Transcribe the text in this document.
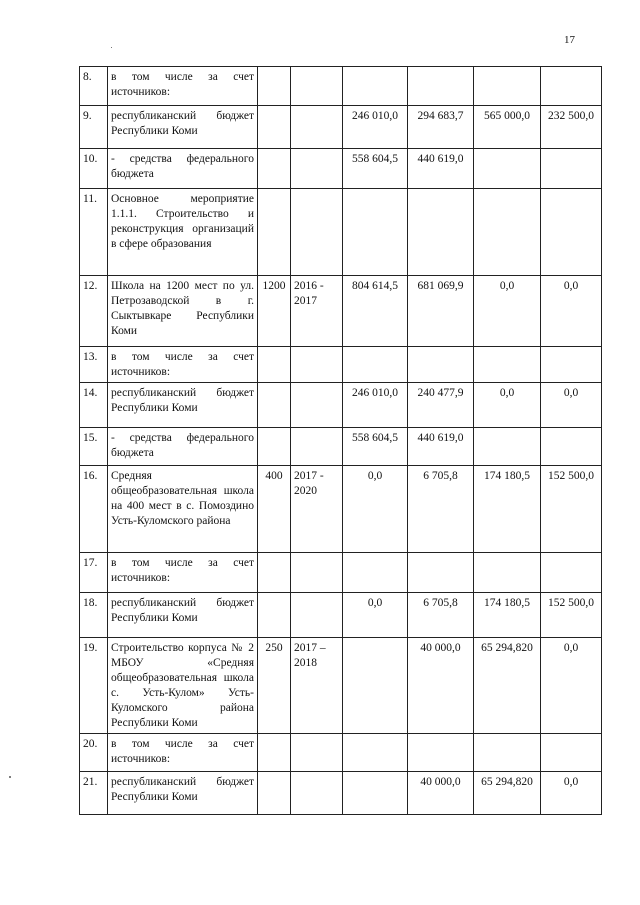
17
8.	в том числе за счет источников:						
9.	республиканский бюджет Республики Коми			246 010,0	294 683,7	565 000,0	232 500,0
10.	- средства федерального бюджета			558 604,5	440 619,0		
11.	Основное мероприятие 1.1.1. Строительство и реконструкция организаций в сфере образования						
12.	Школа на 1200 мест по ул. Петрозаводской в г. Сыктывкаре Республики Коми	1200	2016 - 2017	804 614,5	681 069,9	0,0	0,0
13.	в том числе за счет источников:						
14.	республиканский бюджет Республики Коми			246 010,0	240 477,9	0,0	0,0
15.	- средства федерального бюджета			558 604,5	440 619,0		
16.	Средняя общеобразовательная школа на 400 мест в с. Помоздино Усть-Куломского района	400	2017 - 2020	0,0	6 705,8	174 180,5	152 500,0
17.	в том числе за счет источников:						
18.	республиканский бюджет Республики Коми			0,0	6 705,8	174 180,5	152 500,0
19.	Строительство корпуса № 2 МБОУ «Средняя общеобразовательная школа с. Усть-Кулом» Усть-Куломского района Республики Коми	250	2017 – 2018		40 000,0	65 294,820	0,0
20.	в том числе за счет источников:						
21.	республиканский бюджет Республики Коми				40 000,0	65 294,820	0,0
